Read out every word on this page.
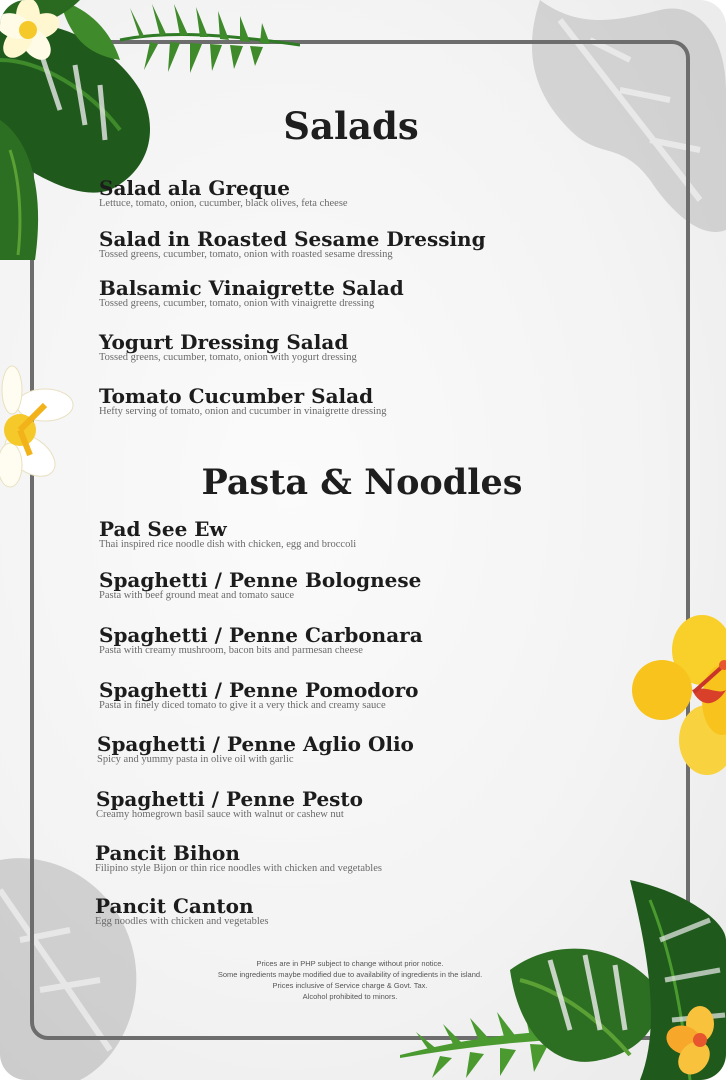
Salads
Salad ala Greque
Lettuce, tomato, onion, cucumber, black olives, feta cheese
Salad in Roasted Sesame Dressing
Tossed greens, cucumber, tomato, onion with roasted sesame dressing
Balsamic Vinaigrette Salad
Tossed greens, cucumber, tomato, onion with vinaigrette dressing
Yogurt Dressing Salad
Tossed greens, cucumber, tomato, onion with yogurt dressing
Tomato Cucumber Salad
Hefty serving of tomato, onion and cucumber in vinaigrette dressing
Pasta & Noodles
Pad See Ew
Thai inspired rice noodle dish with chicken, egg and broccoli
Spaghetti / Penne Bolognese
Pasta with beef ground meat and tomato sauce
Spaghetti / Penne Carbonara
Pasta with creamy mushroom, bacon bits and parmesan cheese
Spaghetti / Penne Pomodoro
Pasta in finely diced tomato to give it a very thick and creamy sauce
Spaghetti / Penne Aglio Olio
Spicy and yummy pasta in olive oil with garlic
Spaghetti / Penne Pesto
Creamy homegrown basil sauce with walnut or cashew nut
Pancit Bihon
Filipino style Bijon or thin rice noodles with chicken and vegetables
Pancit Canton
Egg noodles with chicken and vegetables
Prices are in PHP subject to change without prior notice.
Some ingredients maybe modified due to availability of ingredients in the island.
Prices inclusive of Service charge & Govt. Tax.
Alcohol prohibited to minors.
